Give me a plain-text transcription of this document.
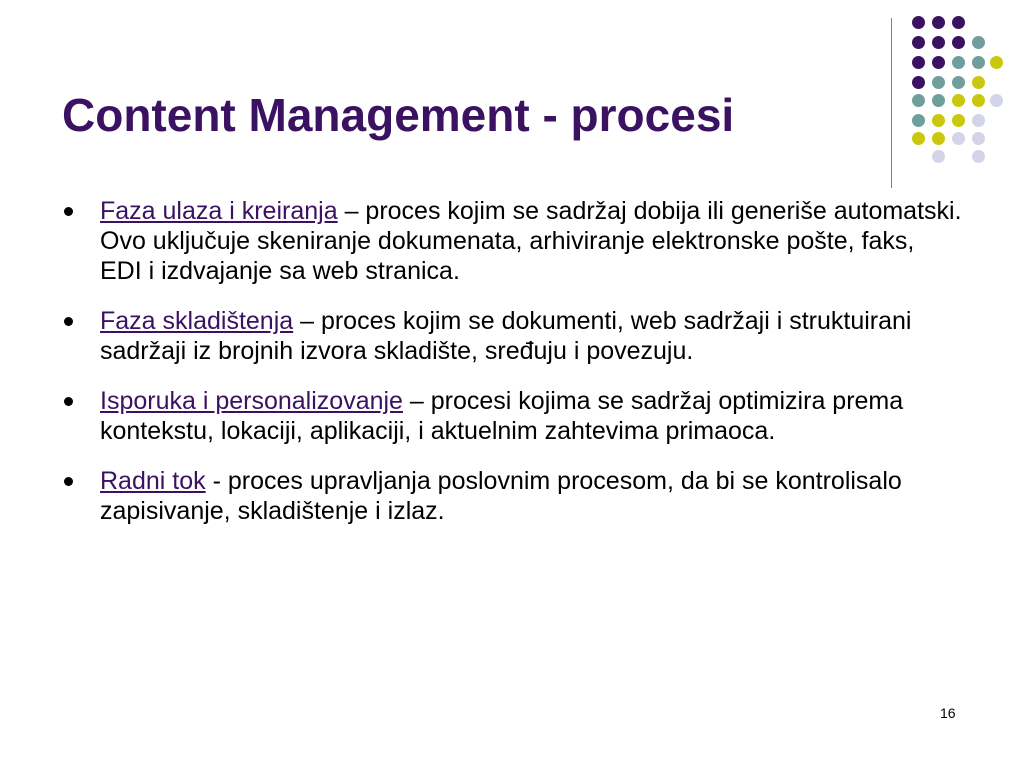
Content Management - procesi
Faza ulaza i kreiranja – proces kojim se sadržaj dobija ili generiše automatski. Ovo uključuje skeniranje dokumenata, arhiviranje elektronske pošte, faks, EDI i izdvajanje sa web stranica.
Faza skladištenja – proces kojim se dokumenti, web sadržaji i struktuirani sadržaji iz brojnih izvora skladište, sređuju i povezuju.
Isporuka i personalizovanje – procesi kojima se sadržaj optimizira prema kontekstu, lokaciji, aplikaciji, i aktuelnim zahtevima primaoca.
Radni tok - proces upravljanja poslovnim procesom, da bi se kontrolisalo zapisivanje, skladištenje i izlaz.
16
